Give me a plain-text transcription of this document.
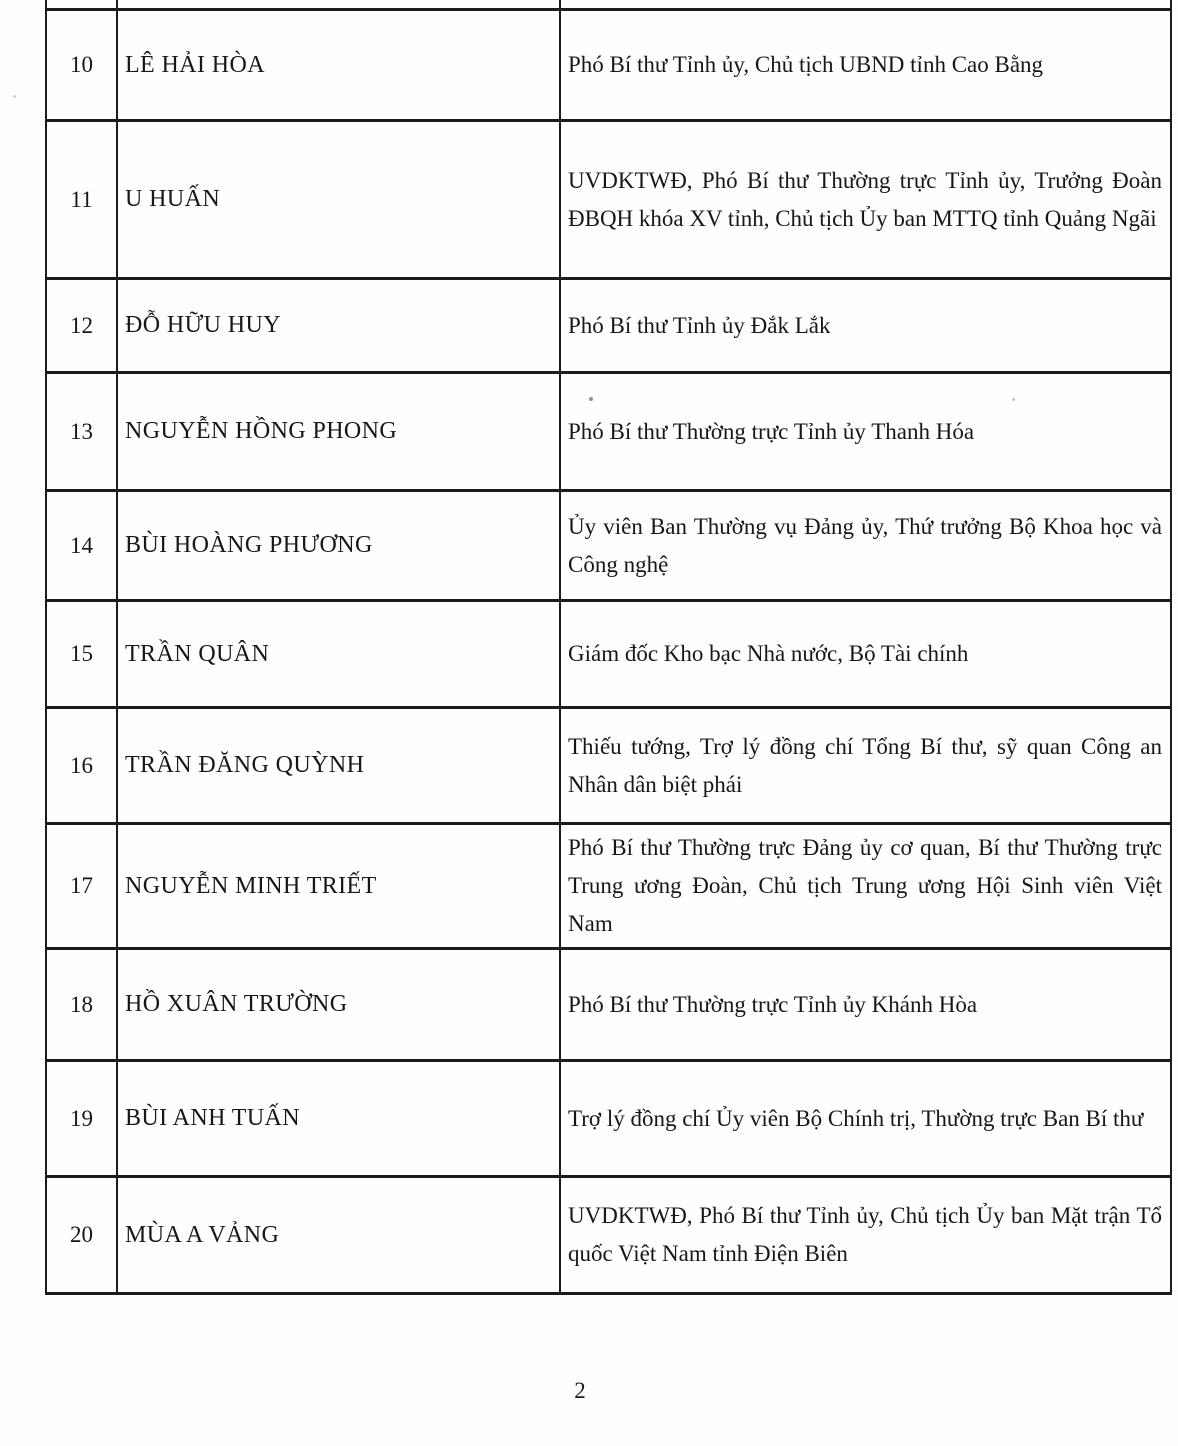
10	LÊ HẢI HÒA	Phó Bí thư Tỉnh ủy, Chủ tịch UBND tỉnh Cao Bằng
11	U HUẤN	UVDKTWĐ, Phó Bí thư Thường trực Tỉnh ủy, Trưởng Đoàn ĐBQH khóa XV tỉnh, Chủ tịch Ủy ban MTTQ tỉnh Quảng Ngãi
12	ĐỖ HỮU HUY	Phó Bí thư Tỉnh ủy Đắk Lắk
13	NGUYỄN HỒNG PHONG	Phó Bí thư Thường trực Tỉnh ủy Thanh Hóa
14	BÙI HOÀNG PHƯƠNG	Ủy viên Ban Thường vụ Đảng ủy, Thứ trưởng Bộ Khoa học và Công nghệ
15	TRẦN QUÂN	Giám đốc Kho bạc Nhà nước, Bộ Tài chính
16	TRẦN ĐĂNG QUỲNH	Thiếu tướng, Trợ lý đồng chí Tổng Bí thư, sỹ quan Công an Nhân dân biệt phái
17	NGUYỄN MINH TRIẾT	Phó Bí thư Thường trực Đảng ủy cơ quan, Bí thư Thường trực Trung ương Đoàn, Chủ tịch Trung ương Hội Sinh viên Việt Nam
18	HỒ XUÂN TRƯỜNG	Phó Bí thư Thường trực Tỉnh ủy Khánh Hòa
19	BÙI ANH TUẤN	Trợ lý đồng chí Ủy viên Bộ Chính trị, Thường trực Ban Bí thư
20	MÙA A VẢNG	UVDKTWĐ, Phó Bí thư Tỉnh ủy, Chủ tịch Ủy ban Mặt trận Tổ quốc Việt Nam tỉnh Điện Biên
2
